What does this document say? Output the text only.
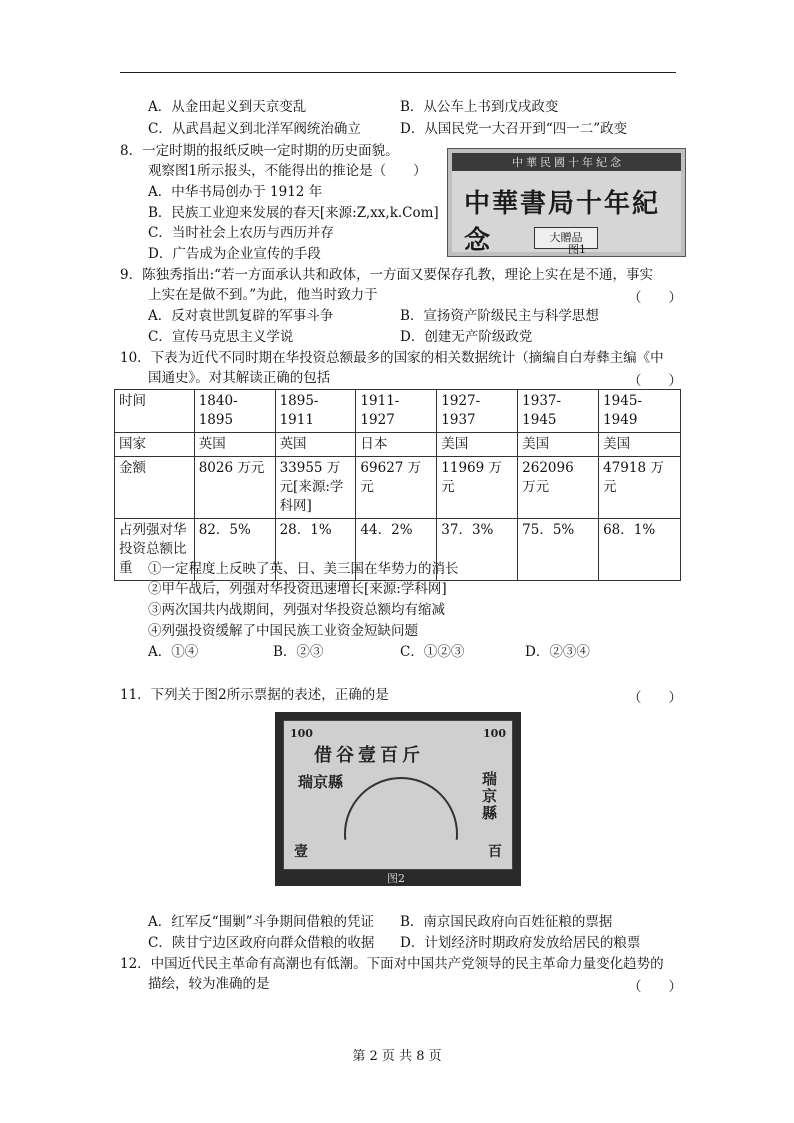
A．从金田起义到天京变乱	B．从公车上书到戊戌政变
C．从武昌起义到北洋军阀统治确立	D．从国民党一大召开到“四一二”政变
8．一定时期的报纸反映一定时期的历史面貌。
观察图1所示报头，不能得出的推论是（　　）
A．中华书局创办于 1912 年
B．民族工业迎来发展的春天[来源:Z,xx,k.Com]
C．当时社会上农历与西历并存
D．广告成为企业宣传的手段
中華民國十年紀念
中華書局十年紀念	大贈品
图1
9．陈独秀指出:“若一方面承认共和政体，一方面又要保存孔教，理论上实在是不通，事实
上实在是做不到。”为此，他当时致力于	（　　）
A．反对袁世凯复辟的军事斗争	B．宣扬资产阶级民主与科学思想
C．宣传马克思主义学说	D．创建无产阶级政党
10．下表为近代不同时期在华投资总额最多的国家的相关数据统计（摘编自白寿彝主编《中
国通史》。对其解读正确的包括	（　　）
时间	1840-1895	1895-1911	1911-1927	1927-1937	1937-1945	1945-1949
国家	英国	英国	日本	美国	美国	美国
金额	8026 万元	33955 万元[来源:学科网]	69627 万元	11969 万元	262096　万元	47918 万元
占列强对华投资总额比重	82．5%	28．1%	44．2%	37．3%	75．5%	68．1%
①一定程度上反映了英、日、美三国在华势力的消长
②甲午战后，列强对华投资迅速增长[来源:学科网]
③两次国共内战期间，列强对华投资总额均有缩减
④列强投资缓解了中国民族工业资金短缺问题
A．①④	B．②③	C．①②③	D．②③④
11．下列关于图2所示票据的表述，正确的是	（　　）
100	100
壹	百
借谷壹百斤
瑞京縣	瑞京縣
图2
A．红军反“围剿”斗争期间借粮的凭证 B．南京国民政府向百姓征粮的票据
C．陕甘宁边区政府向群众借粮的收据 D．计划经济时期政府发放给居民的粮票
12．中国近代民主革命有高潮也有低潮。下面对中国共产党领导的民主革命力量变化趋势的
描绘，较为准确的是	（　　）
第 2 页 共 8 页
